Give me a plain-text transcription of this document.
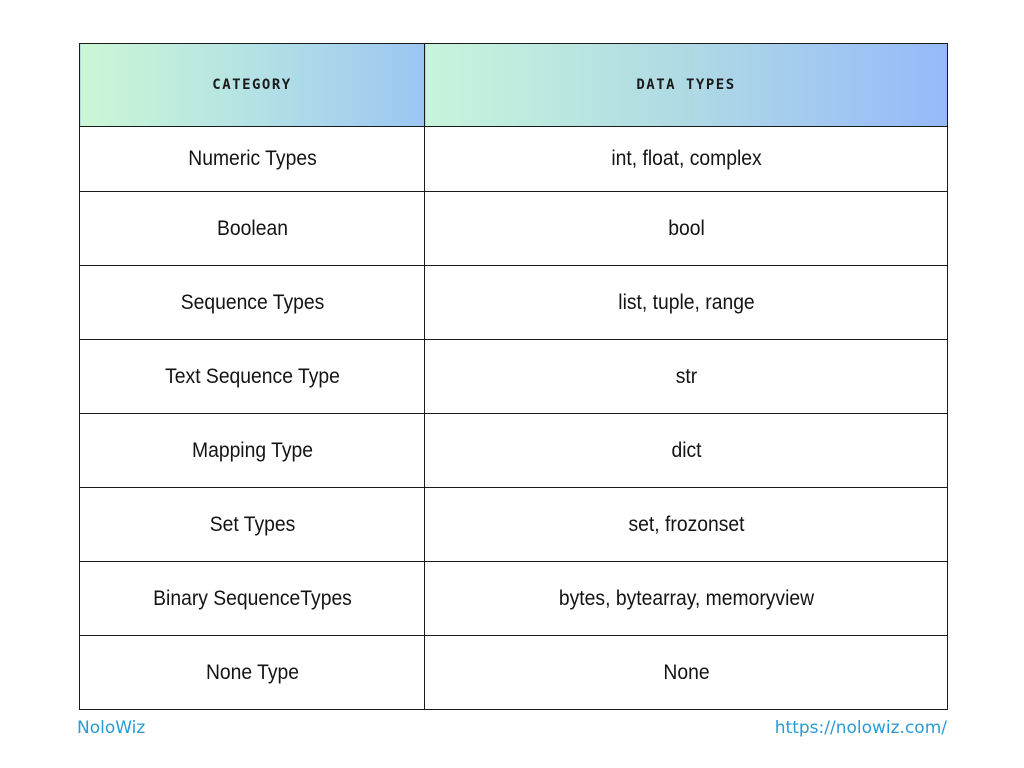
CATEGORY	DATA TYPES
Numeric Types	int, float, complex
Boolean	bool
Sequence Types	list, tuple, range
Text Sequence Type	str
Mapping Type	dict
Set Types	set, frozonset
Binary SequenceTypes	bytes, bytearray, memoryview
None Type	None
NoloWiz	https://nolowiz.com/
